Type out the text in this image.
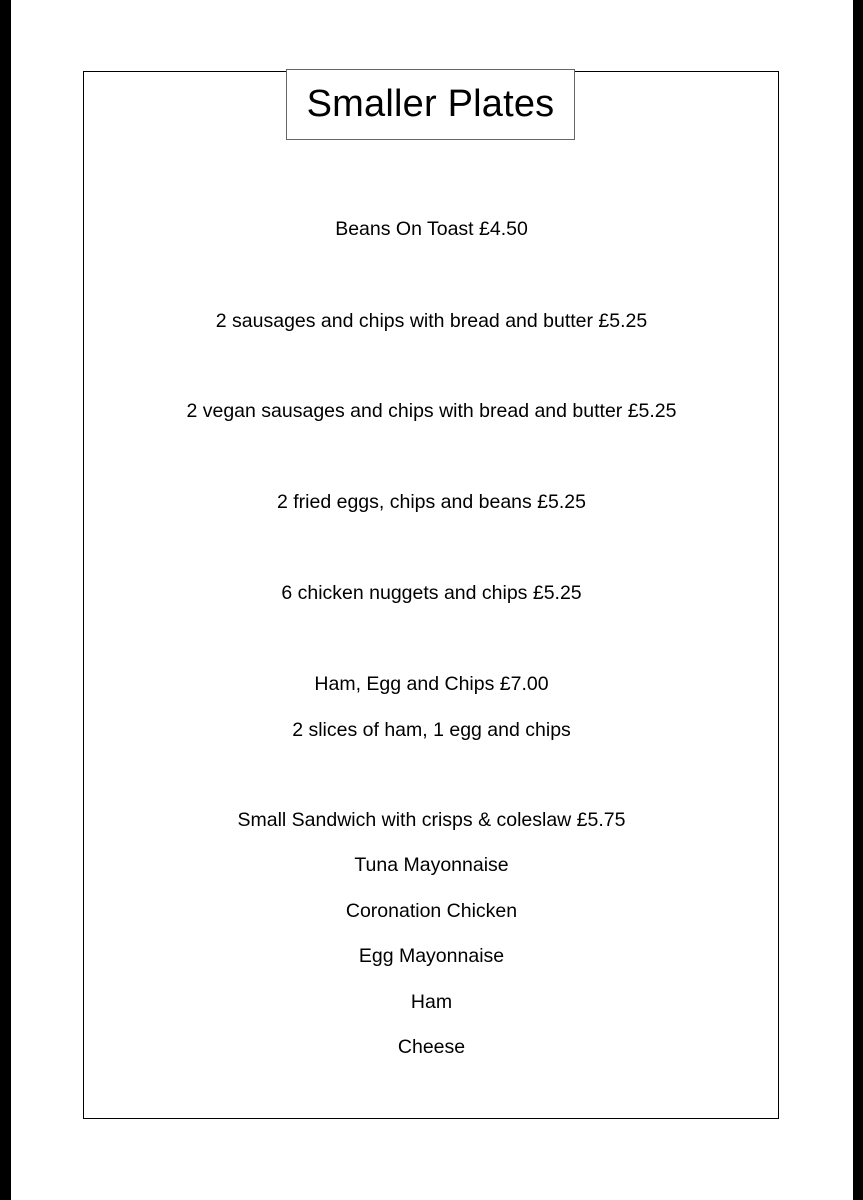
Smaller Plates
Beans On Toast £4.50
2 sausages and chips with bread and butter £5.25
2 vegan sausages and chips with bread and butter £5.25
2 fried eggs, chips and beans £5.25
6 chicken nuggets and chips £5.25
Ham, Egg and Chips £7.00
2 slices of ham, 1 egg and chips
Small Sandwich with crisps & coleslaw £5.75
Tuna Mayonnaise
Coronation Chicken
Egg Mayonnaise
Ham
Cheese
